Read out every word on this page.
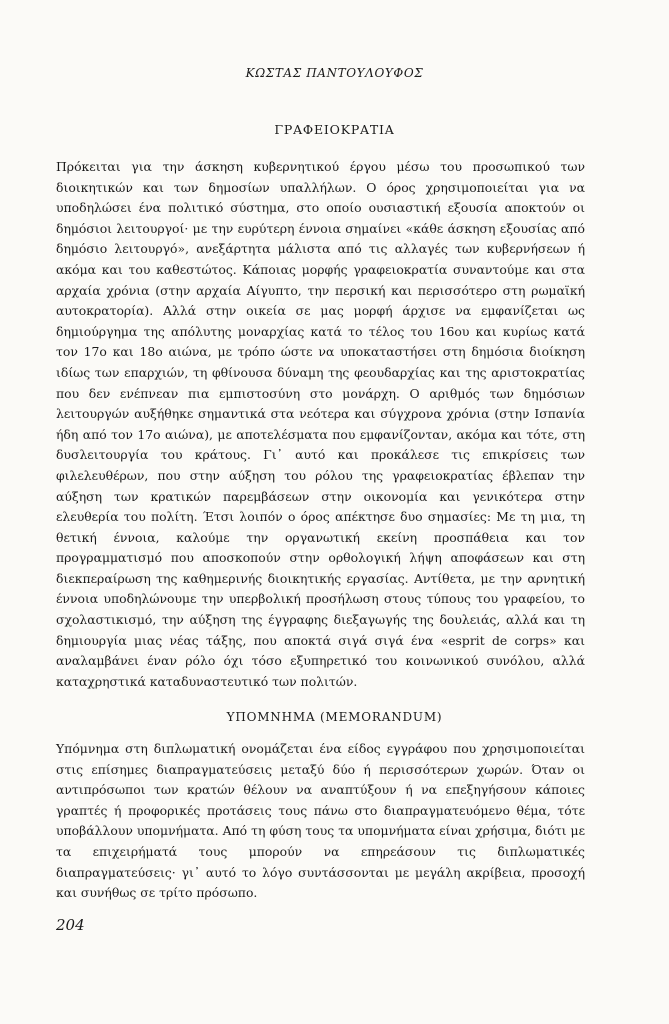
ΚΩΣΤΑΣ ΠΑΝΤΟΥΛΟΥΦΟΣ
ΓΡΑΦΕΙΟΚΡΑΤΙΑ

Πρόκειται για την άσκηση κυβερνητικού έργου μέσω του προσωπικού των διοικητικών και των δημοσίων υπαλλήλων. Ο όρος χρησιμοποιείται για να υποδηλώσει ένα πολιτικό σύστημα, στο οποίο ουσιαστική εξουσία αποκτούν οι δημόσιοι λειτουργοί· με την ευρύτερη έννοια σημαίνει «κάθε άσκηση εξουσίας από δημόσιο λειτουργό», ανεξάρτητα μάλιστα από τις αλλαγές των κυβερνήσεων ή ακόμα και του καθεστώτος. Κάποιας μορφής γραφειοκρατία συναντούμε και στα αρχαία χρόνια (στην αρχαία Αίγυπτο, την περσική και περισσότερο στη ρωμαϊκή αυτοκρατορία). Αλλά στην οικεία σε μας μορφή άρχισε να εμφανίζεται ως δημιούργημα της απόλυτης μοναρχίας κατά το τέλος του 16ου και κυρίως κατά τον 17ο και 18ο αιώνα, με τρόπο ώστε να υποκαταστήσει στη δημόσια διοίκηση ιδίως των επαρχιών, τη φθίνουσα δύναμη της φεουδαρχίας και της αριστοκρατίας που δεν ενέπνεαν πια εμπιστοσύνη στο μονάρχη. Ο αριθμός των δημόσιων λειτουργών αυξήθηκε σημαντικά στα νεότερα και σύγχρονα χρόνια (στην Ισπανία ήδη από τον 17ο αιώνα), με αποτελέσματα που εμφανίζονταν, ακόμα και τότε, στη δυσλειτουργία του κράτους. Γι᾽ αυτό και προκάλεσε τις επικρίσεις των φιλελευθέρων, που στην αύξηση του ρόλου της γραφειοκρατίας έβλεπαν την αύξηση των κρατικών παρεμβάσεων στην οικονομία και γενικότερα στην ελευθερία του πολίτη. Έτσι λοιπόν ο όρος απέκτησε δυο σημασίες: Με τη μια, τη θετική έννοια, καλούμε την οργανωτική εκείνη προσπάθεια και τον προγραμματισμό που αποσκοπούν στην ορθολογική λήψη αποφάσεων και στη διεκπεραίρωση της καθημερινής διοικητικής εργασίας. Αντίθετα, με την αρνητική έννοια υποδηλώνουμε την υπερβολική προσήλωση στους τύπους του γραφείου, το σχολαστικισμό, την αύξηση της έγγραφης διεξαγωγής της δουλειάς, αλλά και τη δημιουργία μιας νέας τάξης, που αποκτά σιγά σιγά ένα «esprit de corps» και αναλαμβάνει έναν ρόλο όχι τόσο εξυπηρετικό του κοινωνικού συνόλου, αλλά καταχρηστικά καταδυναστευτικό των πολιτών.

ΥΠΟΜΝΗΜΑ (MEMORANDUM)

Υπόμνημα στη διπλωματική ονομάζεται ένα είδος εγγράφου που χρησιμοποιείται στις επίσημες διαπραγματεύσεις μεταξύ δύο ή περισσότερων χωρών. Όταν οι αντιπρόσωποι των κρατών θέλουν να αναπτύξουν ή να επεξηγήσουν κάποιες γραπτές ή προφορικές προτάσεις τους πάνω στο διαπραγματευόμενο θέμα, τότε υποβάλλουν υπομνήματα. Από τη φύση τους τα υπομνήματα είναι χρήσιμα, διότι με τα επιχειρήματά τους μπορούν να επηρεάσουν τις διπλωματικές διαπραγματεύσεις· γι᾽ αυτό το λόγο συντάσσονται με μεγάλη ακρίβεια, προσοχή και συνήθως σε τρίτο πρόσωπο.

204
